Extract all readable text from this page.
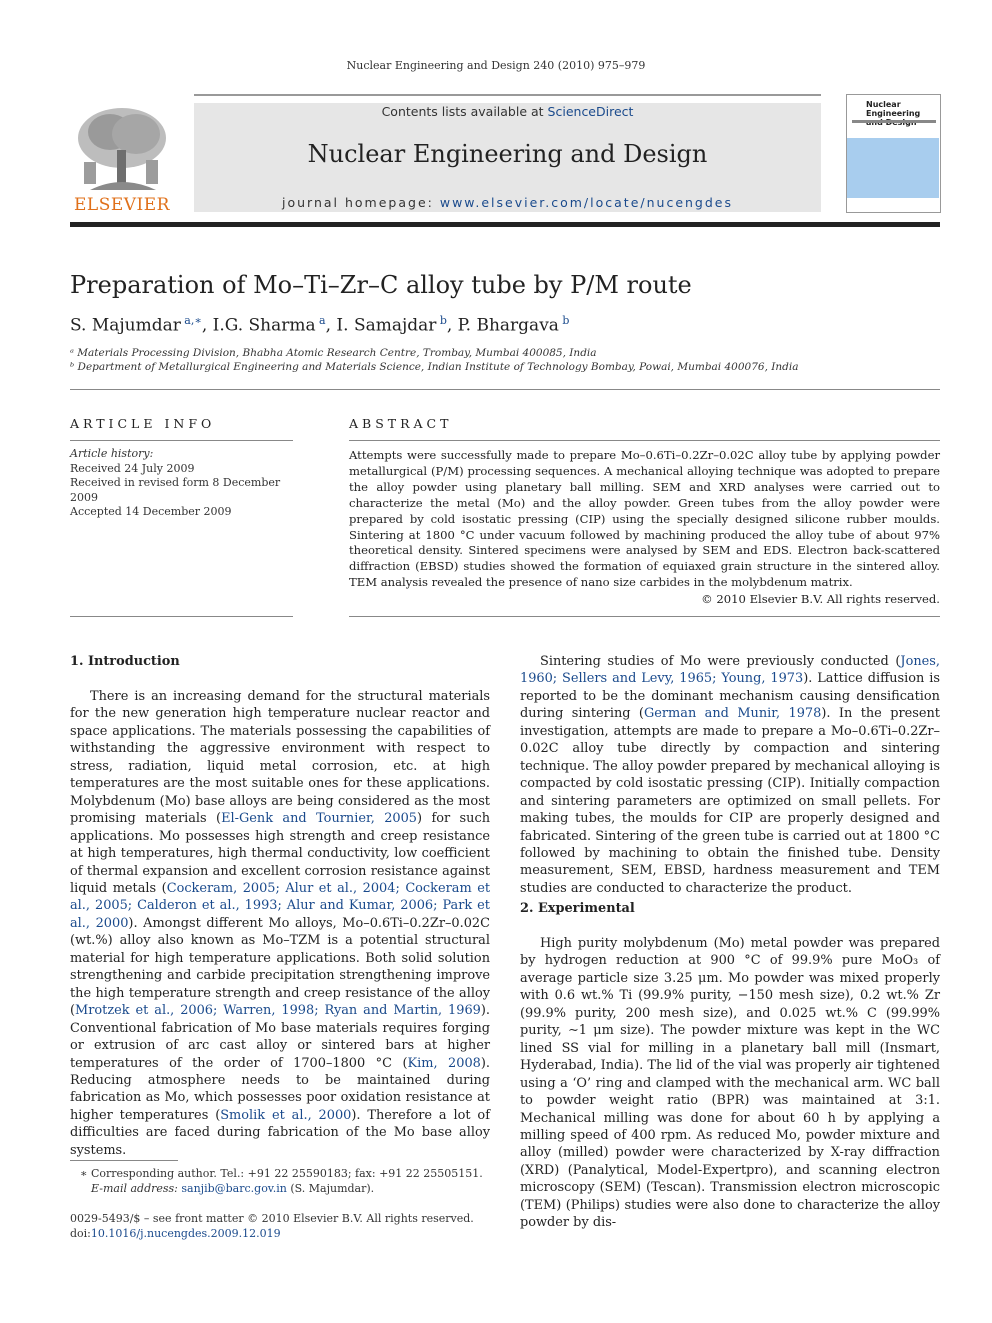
Nuclear Engineering and Design 240 (2010) 975–979
ELSEVIER
Contents lists available at ScienceDirect
Nuclear Engineering and Design
journal homepage: www.elsevier.com/locate/nucengdes
Nuclear Engineering
Preparation of Mo–Ti–Zr–C alloy tube by P/M route
S. Majumdar  $^{a,∗}$, I.G. Sharma  $^a$, I. Samajdar  $^b$, P. Bhargava  $^b$
ᵃ Materials Processing Division, Bhabha Atomic Research Centre, Trombay, Mumbai 400085, India
ᵇ Department of Metallurgical Engineering and Materials Science, Indian Institute of Technology Bombay, Powai, Mumbai 400076, India
ARTICLE INFO
Article history:
Received 24 July 2009
Received in revised form 8 December 2009
Accepted 14 December 2009
ABSTRACT
Attempts were successfully made to prepare Mo–0.6Ti–0.2Zr–0.02C alloy tube by applying powder metallurgical (P/M) processing sequences. A mechanical alloying technique was adopted to prepare the alloy powder using planetary ball milling. SEM and XRD analyses were carried out to characterize the metal (Mo) and the alloy powder. Green tubes from the alloy powder were prepared by cold isostatic pressing (CIP) using the specially designed silicone rubber moulds. Sintering at 1800 °C under vacuum followed by machining produced the alloy tube of about 97% theoretical density. Sintered specimens were analysed by SEM and EDS. Electron back-scattered diffraction (EBSD) studies showed the formation of equiaxed grain structure in the sintered alloy. TEM analysis revealed the presence of nano size carbides in the molybdenum matrix.
© 2010 Elsevier B.V. All rights reserved.
1. Introduction

There is an increasing demand for the structural materials for the new generation high temperature nuclear reactor and space applications. The materials possessing the capabilities of withstanding the aggressive environment with respect to stress, radiation, liquid metal corrosion, etc. at high temperatures are the most suitable ones for these applications. Molybdenum (Mo) base alloys are being considered as the most promising materials (El-Genk and Tournier, 2005) for such applications. Mo possesses high strength and creep resistance at high temperatures, high thermal conductivity, low coefficient of thermal expansion and excellent corrosion resistance against liquid metals (Cockeram, 2005; Alur et al., 2004; Cockeram et al., 2005; Calderon et al., 1993; Alur and Kumar, 2006; Park et al., 2000). Amongst different Mo alloys, Mo–0.6Ti–0.2Zr–0.02C (wt.%) alloy also known as Mo–TZM is a potential structural material for high temperature applications. Both solid solution strengthening and carbide precipitation strengthening improve the high temperature strength and creep resistance of the alloy (Mrotzek et al., 2006; Warren, 1998; Ryan and Martin, 1969). Conventional fabrication of Mo base materials requires forging or extrusion of arc cast alloy or sintered bars at higher temperatures of the order of 1700–1800 °C (Kim, 2008). Reducing atmosphere needs to be maintained during fabrication as Mo, which possesses poor oxidation resistance at higher temperatures (Smolik et al., 2000). Therefore a lot of difficulties are faced during fabrication of the Mo base alloy systems.

∗ Corresponding author. Tel.: +91 22 25590183; fax: +91 22 25505151.
E-mail address: sanjib@barc.gov.in (S. Majumdar).
0029-5493/$ – see front matter © 2010 Elsevier B.V. All rights reserved.
doi:10.1016/j.nucengdes.2009.12.019

Sintering studies of Mo were previously conducted (Jones, 1960; Sellers and Levy, 1965; Young, 1973). Lattice diffusion is reported to be the dominant mechanism causing densification during sintering (German and Munir, 1978). In the present investigation, attempts are made to prepare a Mo–0.6Ti–0.2Zr–0.02C alloy tube directly by compaction and sintering technique. The alloy powder prepared by mechanical alloying is compacted by cold isostatic pressing (CIP). Initially compaction and sintering parameters are optimized on small pellets. For making tubes, the moulds for CIP are properly designed and fabricated. Sintering of the green tube is carried out at 1800 °C followed by machining to obtain the finished tube. Density measurement, SEM, EBSD, hardness measurement and TEM studies are conducted to characterize the product.

2. Experimental

High purity molybdenum (Mo) metal powder was prepared by hydrogen reduction at 900 °C of 99.9% pure MoO₃ of average particle size 3.25 μm. Mo powder was mixed properly with 0.6 wt.% Ti (99.9% purity, −150 mesh size), 0.2 wt.% Zr (99.9% purity, 200 mesh size), and 0.025 wt.% C (99.99% purity, ∼1 μm size). The powder mixture was kept in the WC lined SS vial for milling in a planetary ball mill (Insmart, Hyderabad, India). The lid of the vial was properly air tightened using a ‘O’ ring and clamped with the mechanical arm. WC ball to powder weight ratio (BPR) was maintained at 3:1. Mechanical milling was done for about 60 h by applying a milling speed of 400 rpm. As reduced Mo, powder mixture and alloy (milled) powder were characterized by X-ray diffraction (XRD) (Panalytical, Model-Expertpro), and scanning electron microscopy (SEM) (Tescan). Transmission electron microscopic (TEM) (Philips) studies were also done to characterize the alloy powder by dis-
